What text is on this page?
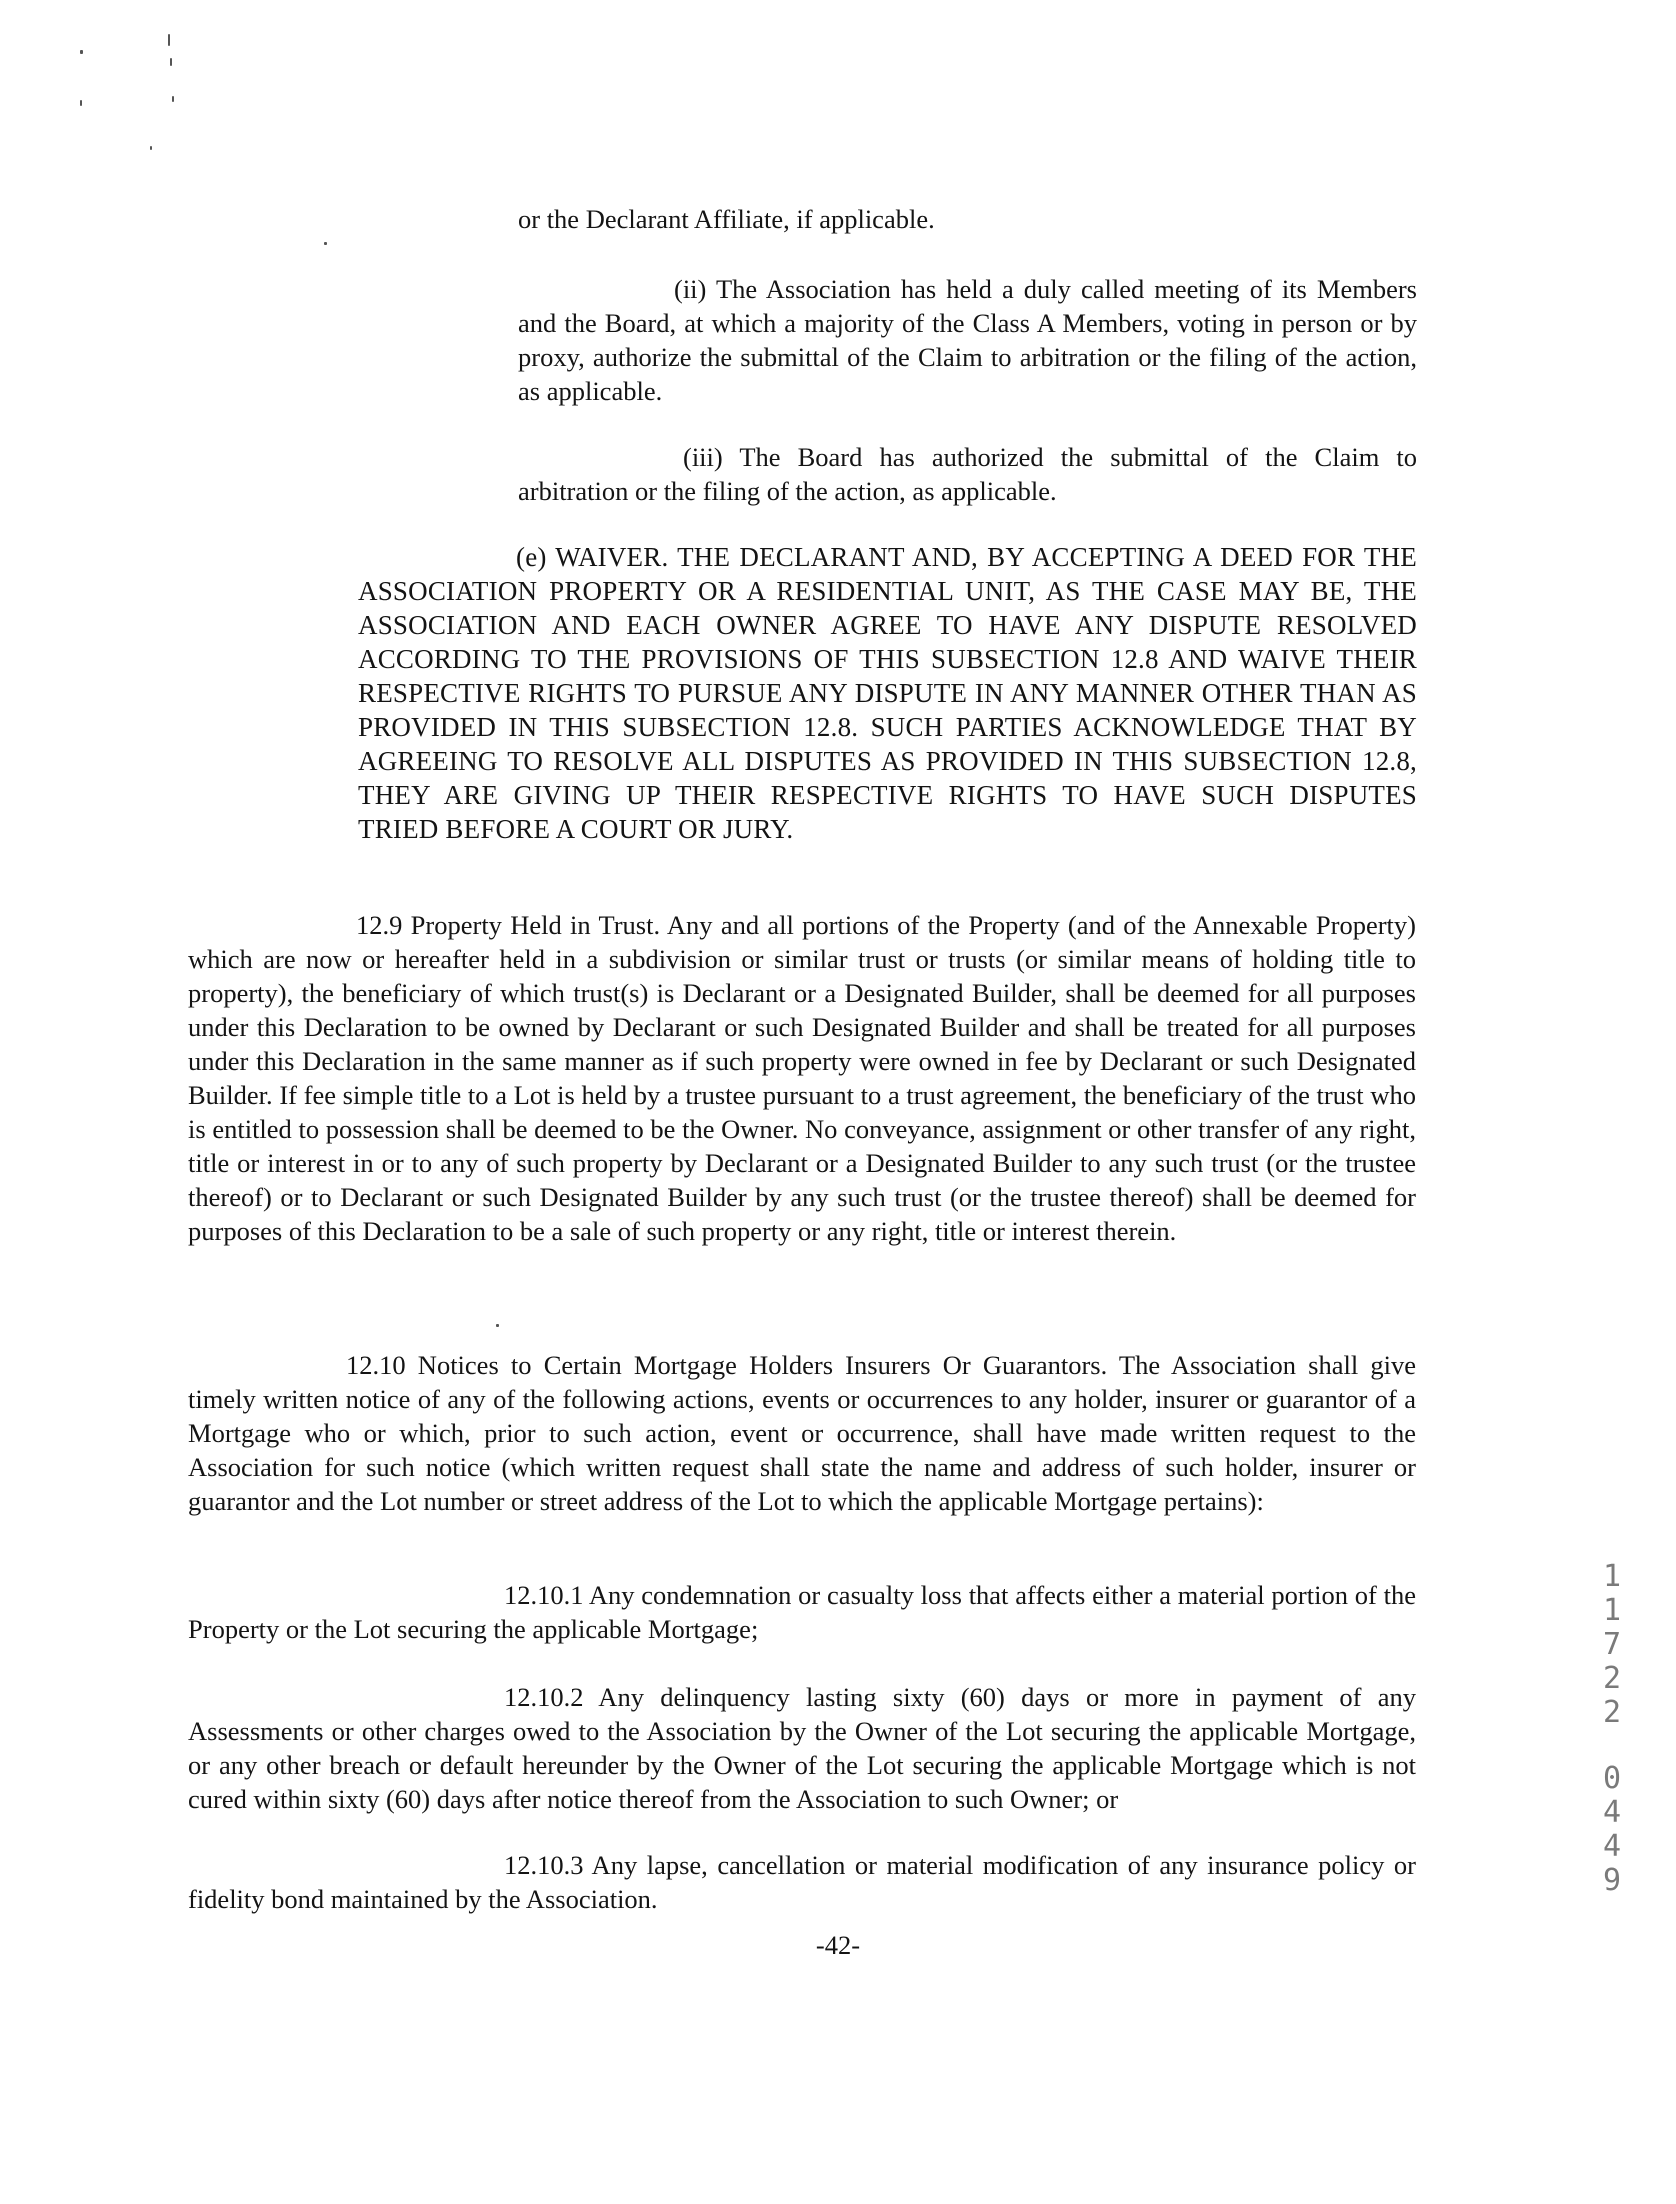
or the Declarant Affiliate, if applicable.

(ii) The Association has held a duly called meeting of its Members and the Board, at which a majority of the Class A Members, voting in person or by proxy, authorize the submittal of the Claim to arbitration or the filing of the action, as applicable.

(iii) The Board has authorized the submittal of the Claim to arbitration or the filing of the action, as applicable.

(e) WAIVER. THE DECLARANT AND, BY ACCEPTING A DEED FOR THE ASSOCIATION PROPERTY OR A RESIDENTIAL UNIT, AS THE CASE MAY BE, THE ASSOCIATION AND EACH OWNER AGREE TO HAVE ANY DISPUTE RESOLVED ACCORDING TO THE PROVISIONS OF THIS SUBSECTION 12.8 AND WAIVE THEIR RESPECTIVE RIGHTS TO PURSUE ANY DISPUTE IN ANY MANNER OTHER THAN AS PROVIDED IN THIS SUBSECTION 12.8. SUCH PARTIES ACKNOWLEDGE THAT BY AGREEING TO RESOLVE ALL DISPUTES AS PROVIDED IN THIS SUBSECTION 12.8, THEY ARE GIVING UP THEIR RESPECTIVE RIGHTS TO HAVE SUCH DISPUTES TRIED BEFORE A COURT OR JURY.

12.9 Property Held in Trust. Any and all portions of the Property (and of the Annexable Property) which are now or hereafter held in a subdivision or similar trust or trusts (or similar means of holding title to property), the beneficiary of which trust(s) is Declarant or a Designated Builder, shall be deemed for all purposes under this Declaration to be owned by Declarant or such Designated Builder and shall be treated for all purposes under this Declaration in the same manner as if such property were owned in fee by Declarant or such Designated Builder. If fee simple title to a Lot is held by a trustee pursuant to a trust agreement, the beneficiary of the trust who is entitled to possession shall be deemed to be the Owner. No conveyance, assignment or other transfer of any right, title or interest in or to any of such property by Declarant or a Designated Builder to any such trust (or the trustee thereof) or to Declarant or such Designated Builder by any such trust (or the trustee thereof) shall be deemed for purposes of this Declaration to be a sale of such property or any right, title or interest therein.

12.10 Notices to Certain Mortgage Holders Insurers Or Guarantors. The Association shall give timely written notice of any of the following actions, events or occurrences to any holder, insurer or guarantor of a Mortgage who or which, prior to such action, event or occurrence, shall have made written request to the Association for such notice (which written request shall state the name and address of such holder, insurer or guarantor and the Lot number or street address of the Lot to which the applicable Mortgage pertains):

12.10.1 Any condemnation or casualty loss that affects either a material portion of the Property or the Lot securing the applicable Mortgage;

12.10.2 Any delinquency lasting sixty (60) days or more in payment of any Assessments or other charges owed to the Association by the Owner of the Lot securing the applicable Mortgage, or any other breach or default hereunder by the Owner of the Lot securing the applicable Mortgage which is not cured within sixty (60) days after notice thereof from the Association to such Owner; or

12.10.3 Any lapse, cancellation or material modification of any insurance policy or fidelity bond maintained by the Association.

-42-

1
1
7
2
2
0
4
4
9
